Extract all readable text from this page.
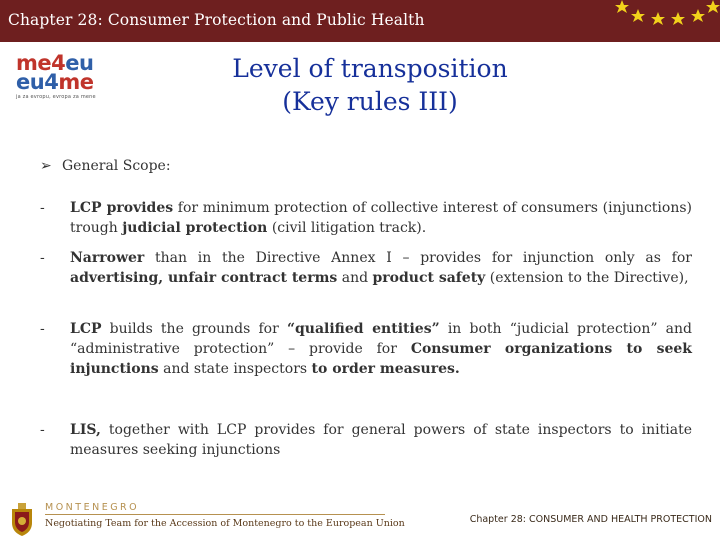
Chapter 28: Consumer Protection and Public Health
me4eu
eu4me
ja za evropu, evropa za mene
Level of transposition
(Key rules III)
➢ General Scope:
- LCP provides for minimum protection of collective interest of consumers (injunctions) trough judicial protection (civil litigation track).
- Narrower than in the Directive Annex I – provides for injunction only as for advertising, unfair contract terms and product safety (extension to the Directive),
- LCP builds the grounds for “qualified entities” in both “judicial protection” and “administrative protection” – provide for Consumer organizations to seek injunctions and state inspectors to order measures.
- LIS, together with LCP provides for general powers of state inspectors to initiate measures seeking injunctions
MONTENEGRO
Negotiating Team for the Accession of Montenegro to the European Union	Chapter 28: CONSUMER AND HEALTH PROTECTION
